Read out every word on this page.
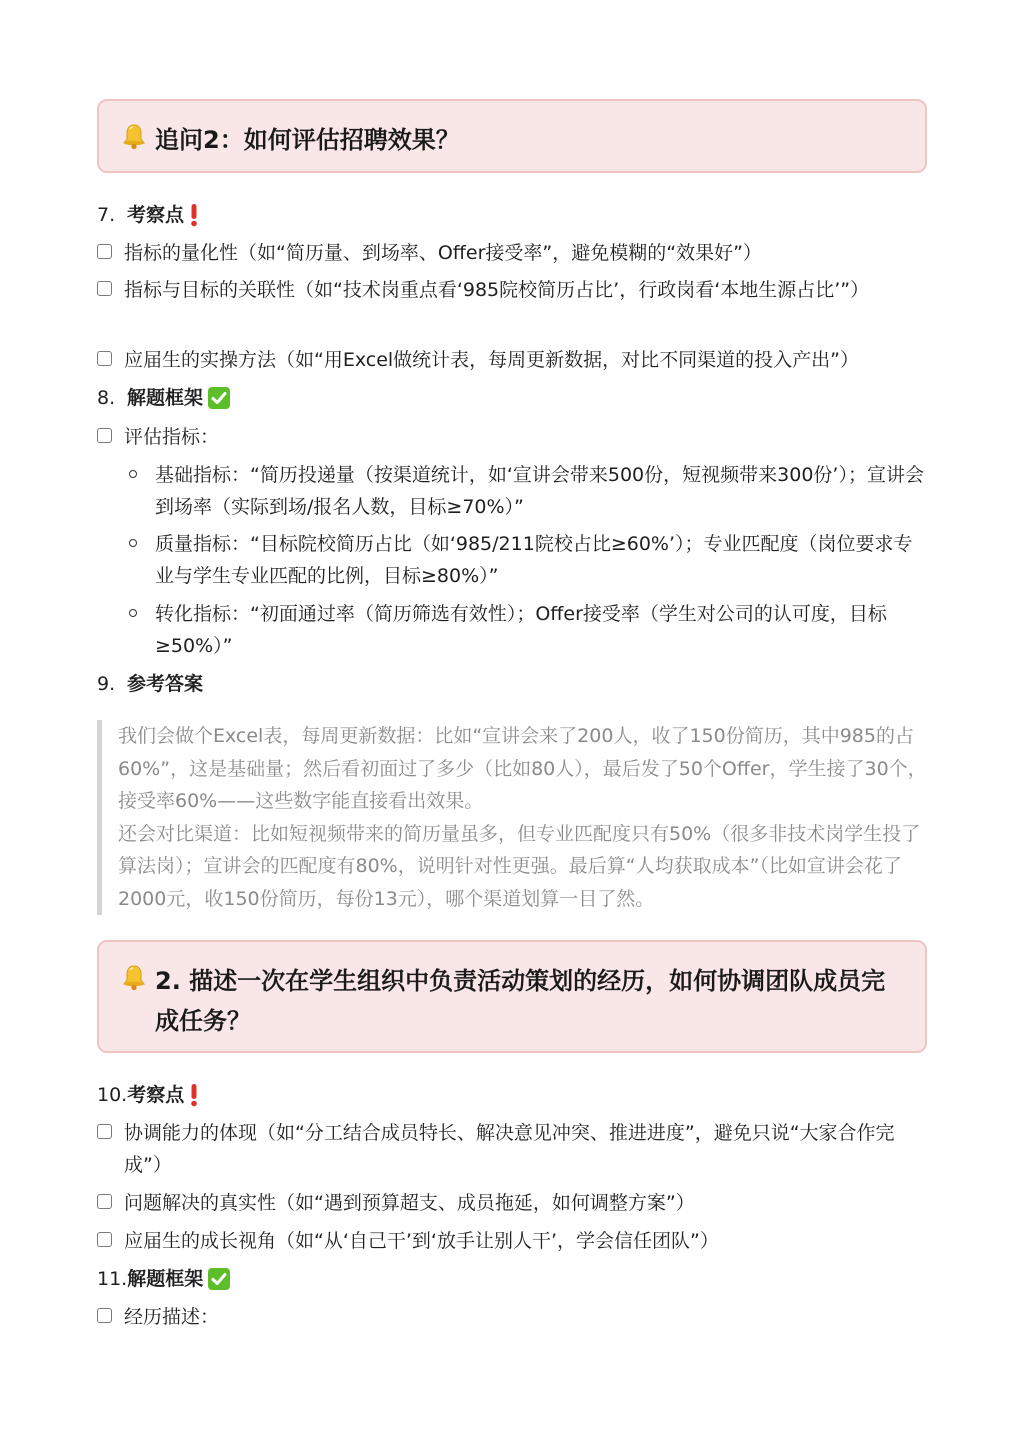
追问2：如何评估招聘效果？
7. 考察点
指标的量化性（如“简历量、到场率、Offer接受率”，避免模糊的“效果好”）
指标与目标的关联性（如“技术岗重点看‘985院校简历占比’，行政岗看‘本地生源占比’”）
应届生的实操方法（如“用Excel做统计表，每周更新数据，对比不同渠道的投入产出”）
8. 解题框架
评估指标：
基础指标：“简历投递量（按渠道统计，如‘宣讲会带来500份，短视频带来300份’）；宣讲会到场率（实际到场/报名人数，目标≥70%）”
质量指标：“目标院校简历占比（如‘985/211院校占比≥60%’）；专业匹配度（岗位要求专业与学生专业匹配的比例，目标≥80%）”
转化指标：“初面通过率（简历筛选有效性）；Offer接受率（学生对公司的认可度，目标≥50%）”
9. 参考答案

我们会做个Excel表，每周更新数据：比如“宣讲会来了200人，收了150份简历，其中985的占60%”，这是基础量；然后看初面过了多少（比如80人），最后发了50个Offer，学生接了30个，接受率60%——这些数字能直接看出效果。

还会对比渠道：比如短视频带来的简历量虽多，但专业匹配度只有50%（很多非技术岗学生投了算法岗）；宣讲会的匹配度有80%，说明针对性更强。最后算“人均获取成本”（比如宣讲会花了2000元，收150份简历，每份13元），哪个渠道划算一目了然。

2. 描述一次在学生组织中负责活动策划的经历，如何协调团队成员完成任务？
10. 考察点
协调能力的体现（如“分工结合成员特长、解决意见冲突、推进进度”，避免只说“大家合作完成”）
问题解决的真实性（如“遇到预算超支、成员拖延，如何调整方案”）
应届生的成长视角（如“从‘自己干’到‘放手让别人干’，学会信任团队”）
11. 解题框架
经历描述：
